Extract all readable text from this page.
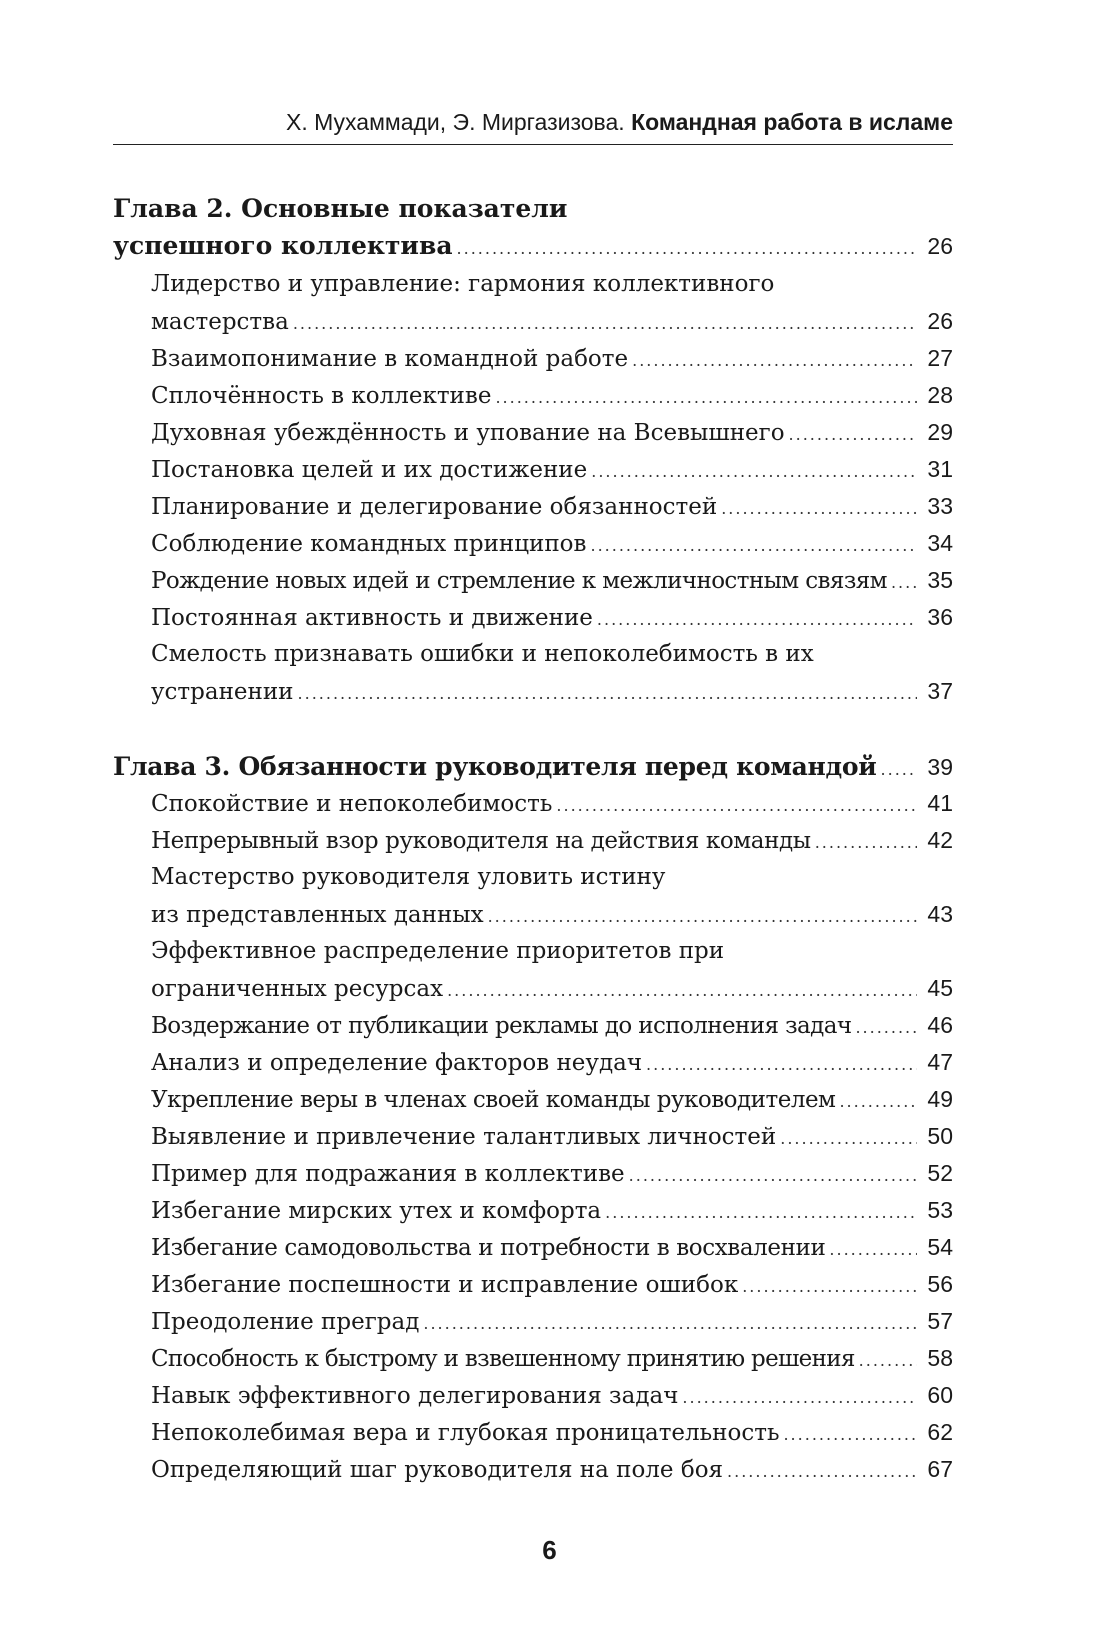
Х. Мухаммади, Э. Миргазизова. Командная работа в исламе
Глава 2. Основные показатели
успешного коллектива .....	26
Лидерство и управление: гармония коллективного
мастерства .....	26
Взаимопонимание в командной работе .....	27
Сплочённость в коллективе .....	28
Духовная убеждённость и упование на Всевышнего .....	29
Постановка целей и их достижение .....	31
Планирование и делегирование обязанностей .....	33
Соблюдение командных принципов .....	34
Рождение новых идей и стремление к межличностным связям ..... 35
Постоянная активность и движение .....	36
Смелость признавать ошибки и непоколебимость в их
устранении .....	37
Глава 3. Обязанности руководителя перед командой ..... 39
Спокойствие и непоколебимость .....	41
Непрерывный взор руководителя на действия команды .....	42
Мастерство руководителя уловить истину
из представленных данных .....	43
Эффективное распределение приоритетов при
ограниченных ресурсах .....	45
Воздержание от публикации рекламы до исполнения задач .....	46
Анализ и определение факторов неудач .....	47
Укрепление веры в членах своей команды руководителем .....	49
Выявление и привлечение талантливых личностей .....	50
Пример для подражания в коллективе .....	52
Избегание мирских утех и комфорта .....	53
Избегание самодовольства и потребности в восхвалении .....	54
Избегание поспешности и исправление ошибок .....	56
Преодоление преград .....	57
Способность к быстрому и взвешенному принятию решения .....	58
Навык эффективного делегирования задач .....	60
Непоколебимая вера и глубокая проницательность .....	62
Определяющий шаг руководителя на поле боя .....	67
6
